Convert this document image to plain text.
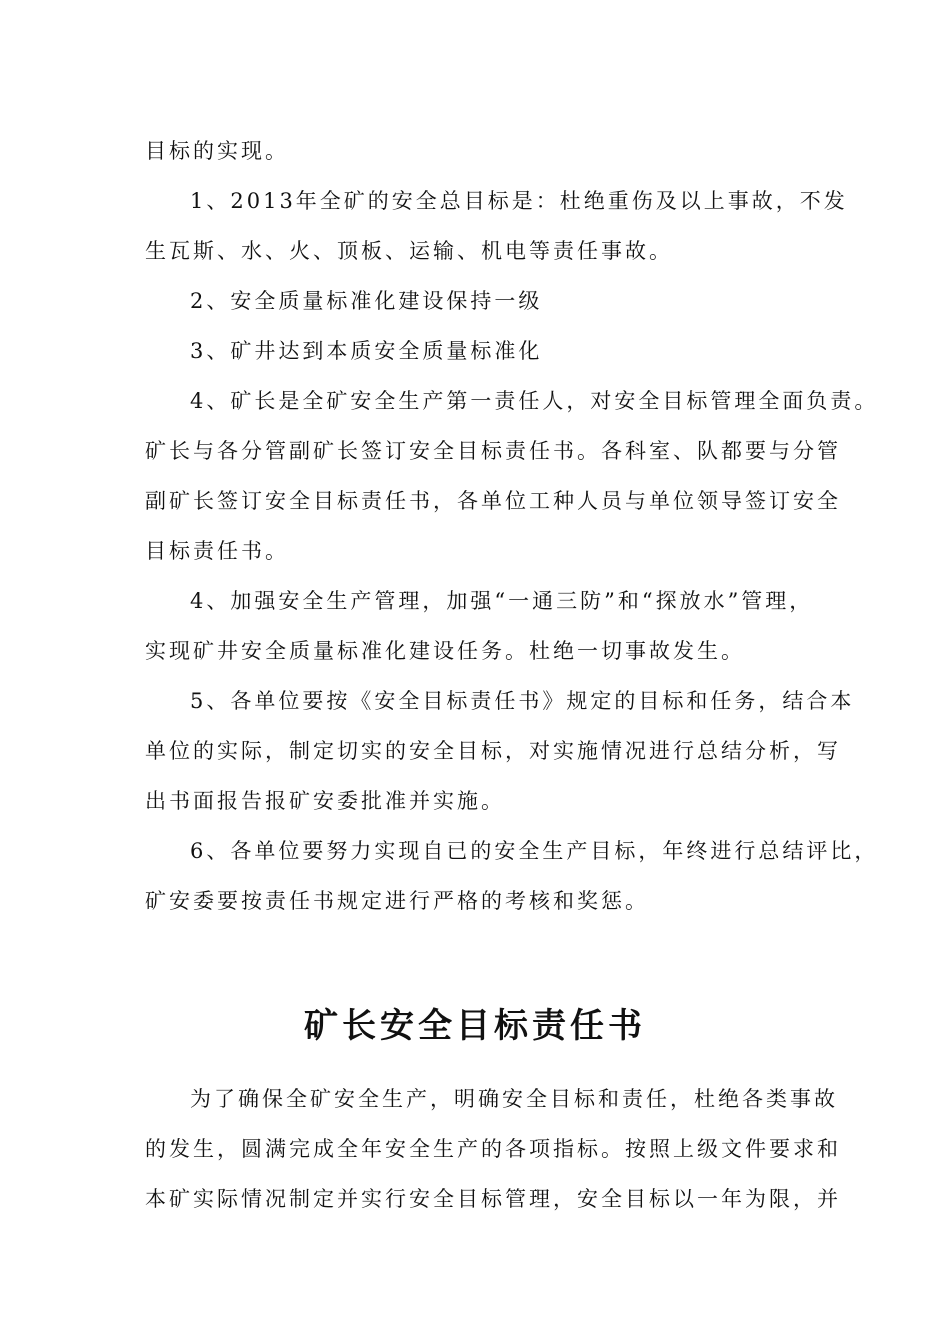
目标的实现。
1、2013年全矿的安全总目标是：杜绝重伤及以上事故，不发
生瓦斯、水、火、顶板、运输、机电等责任事故。
2、安全质量标准化建设保持一级
3、矿井达到本质安全质量标准化
4、矿长是全矿安全生产第一责任人，对安全目标管理全面负责。
矿长与各分管副矿长签订安全目标责任书。各科室、队都要与分管
副矿长签订安全目标责任书，各单位工种人员与单位领导签订安全
目标责任书。
4、加强安全生产管理，加强“一通三防”和“探放水”管理，
实现矿井安全质量标准化建设任务。杜绝一切事故发生。
5、各单位要按《安全目标责任书》规定的目标和任务，结合本
单位的实际，制定切实的安全目标，对实施情况进行总结分析，写
出书面报告报矿安委批准并实施。
6、各单位要努力实现自已的安全生产目标，年终进行总结评比，
矿安委要按责任书规定进行严格的考核和奖惩。
矿长安全目标责任书
为了确保全矿安全生产，明确安全目标和责任，杜绝各类事故
的发生，圆满完成全年安全生产的各项指标。按照上级文件要求和
本矿实际情况制定并实行安全目标管理，安全目标以一年为限，并
